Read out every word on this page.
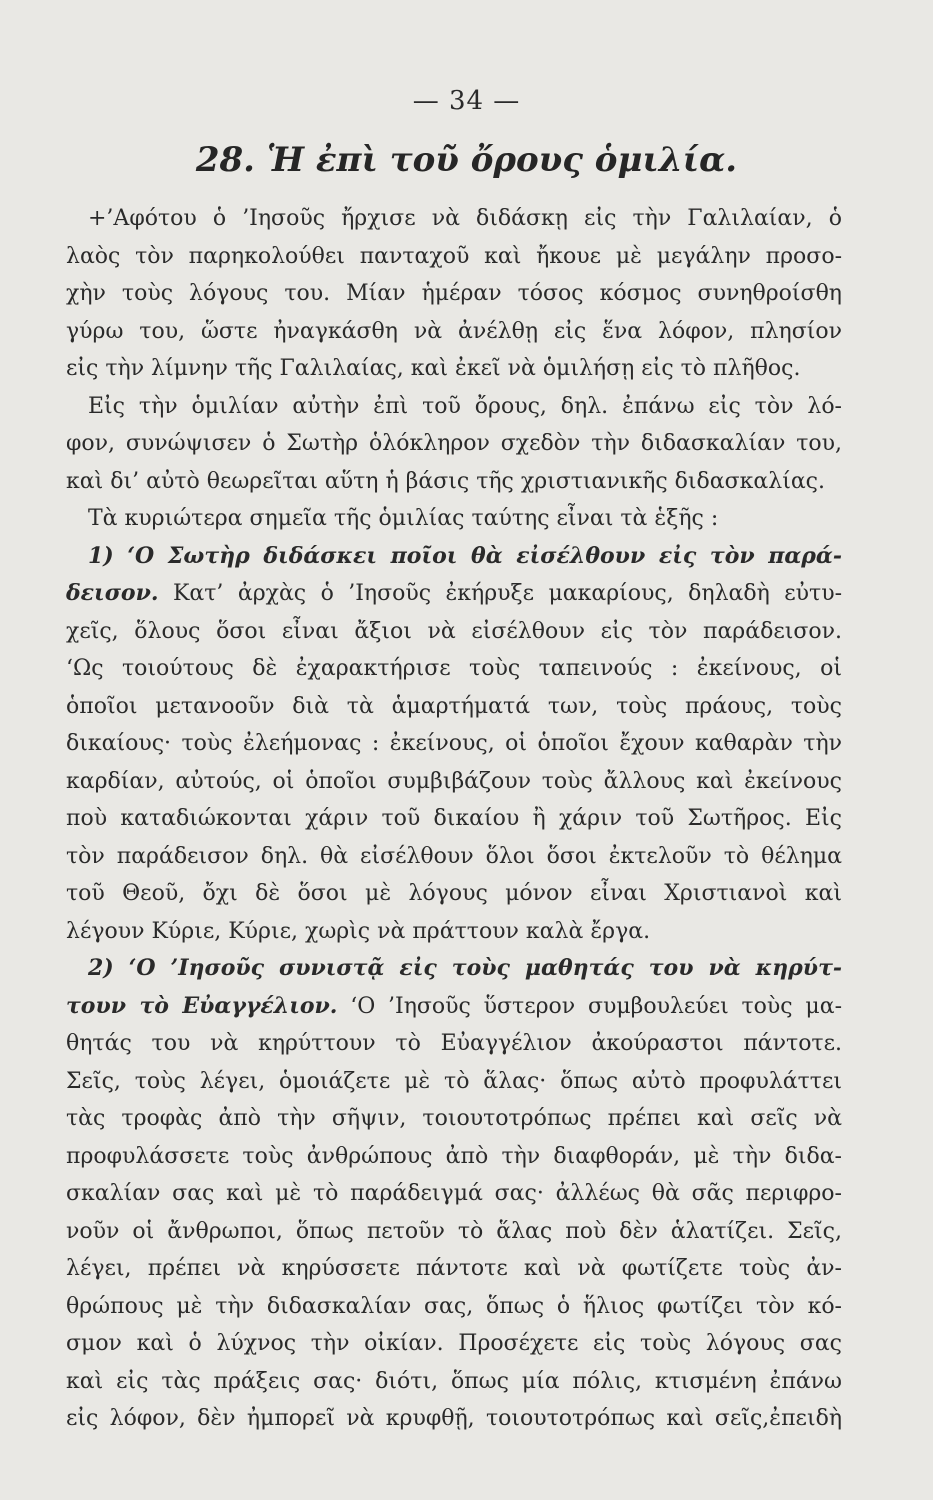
— 34 —
28. Ἡ ἐπὶ τοῦ ὄρους ὁμιλία.
+’Αφότου ὁ ’Ιησοῦς ἤρχισε νὰ διδάσκῃ εἰς τὴν Γαλιλαίαν, ὁ
λαὸς τὸν παρηκολούθει πανταχοῦ καὶ ἤκουε μὲ μεγάλην προσο-
χὴν τοὺς λόγους του. Μίαν ἡμέραν τόσος κόσμος συνηθροίσθη
γύρω του, ὥστε ἠναγκάσθη νὰ ἀνέλθῃ εἰς ἕνα λόφον, πλησίον
εἰς τὴν λίμνην τῆς Γαλιλαίας, καὶ ἐκεῖ νὰ ὁμιλήσῃ εἰς τὸ πλῆθος.
Εἰς τὴν ὁμιλίαν αὐτὴν ἐπὶ τοῦ ὄρους, δηλ. ἐπάνω εἰς τὸν λό-
φον, συνώψισεν ὁ Σωτὴρ ὁλόκληρον σχεδὸν τὴν διδασκαλίαν του,
καὶ δι’ αὐτὸ θεωρεῖται αὕτη ἡ βάσις τῆς χριστιανικῆς διδασκαλίας.
Τὰ κυριώτερα σημεῖα τῆς ὁμιλίας ταύτης εἶναι τὰ ἑξῆς :
1) ‘Ο Σωτὴρ διδάσκει ποῖοι θὰ εἰσέλθουν εἰς τὸν παρά-
δεισον. Κατ’ ἀρχὰς ὁ ’Ιησοῦς ἐκήρυξε μακαρίους, δηλαδὴ εὐτυ-
χεῖς, ὅλους ὅσοι εἶναι ἄξιοι νὰ εἰσέλθουν εἰς τὸν παράδεισον.
‘Ως τοιούτους δὲ ἐχαρακτήρισε τοὺς ταπεινούς : ἐκείνους, οἱ
ὁποῖοι μετανοοῦν διὰ τὰ ἁμαρτήματά των, τοὺς πράους, τοὺς
δικαίους· τοὺς ἐλεήμονας : ἐκείνους, οἱ ὁποῖοι ἔχουν καθαρὰν τὴν
καρδίαν, αὐτούς, οἱ ὁποῖοι συμβιβάζουν τοὺς ἄλλους καὶ ἐκείνους
ποὺ καταδιώκονται χάριν τοῦ δικαίου ἢ χάριν τοῦ Σωτῆρος. Εἰς
τὸν παράδεισον δηλ. θὰ εἰσέλθουν ὅλοι ὅσοι ἐκτελοῦν τὸ θέλημα
τοῦ Θεοῦ, ὄχι δὲ ὅσοι μὲ λόγους μόνον εἶναι Χριστιανοὶ καὶ
λέγουν Κύριε, Κύριε, χωρὶς νὰ πράττουν καλὰ ἔργα.
2) ‘Ο ’Ιησοῦς συνιστᾷ εἰς τοὺς μαθητάς του νὰ κηρύτ-
τουν τὸ Εὐαγγέλιον. ‘Ο ’Ιησοῦς ὕστερον συμβουλεύει τοὺς μα-
θητάς του νὰ κηρύττουν τὸ Εὐαγγέλιον ἀκούραστοι πάντοτε.
Σεῖς, τοὺς λέγει, ὁμοιάζετε μὲ τὸ ἅλας· ὅπως αὐτὸ προφυλάττει
τὰς τροφὰς ἀπὸ τὴν σῆψιν, τοιουτοτρόπως πρέπει καὶ σεῖς νὰ
προφυλάσσετε τοὺς ἀνθρώπους ἀπὸ τὴν διαφθοράν, μὲ τὴν διδα-
σκαλίαν σας καὶ μὲ τὸ παράδειγμά σας· ἀλλέως θὰ σᾶς περιφρο-
νοῦν οἱ ἄνθρωποι, ὅπως πετοῦν τὸ ἅλας ποὺ δὲν ἁλατίζει. Σεῖς,
λέγει, πρέπει νὰ κηρύσσετε πάντοτε καὶ νὰ φωτίζετε τοὺς ἀν-
θρώπους μὲ τὴν διδασκαλίαν σας, ὅπως ὁ ἥλιος φωτίζει τὸν κό-
σμον καὶ ὁ λύχνος τὴν οἰκίαν. Προσέχετε εἰς τοὺς λόγους σας
καὶ εἰς τὰς πράξεις σας· διότι, ὅπως μία πόλις, κτισμένη ἐπάνω
εἰς λόφον, δὲν ἠμπορεῖ νὰ κρυφθῇ, τοιουτοτρόπως καὶ σεῖς,ἐπειδὴ
